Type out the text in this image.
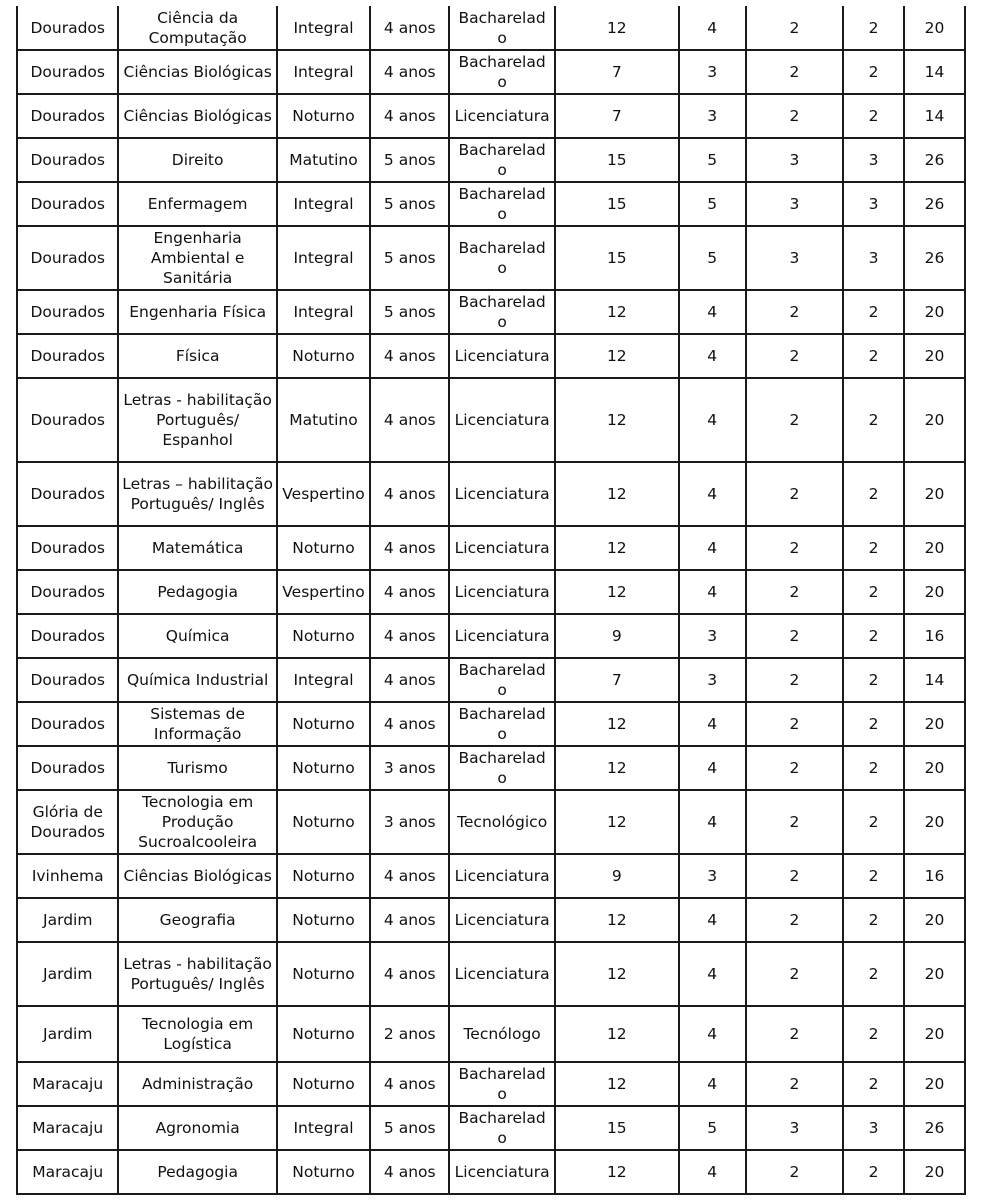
Dourados	Ciência da Computação	Integral	4 anos	Bacharelad o	12	4	2	2	20
Dourados	Ciências Biológicas	Integral	4 anos	Bacharelad o	7	3	2	2	14
Dourados	Ciências Biológicas	Noturno	4 anos	Licenciatura	7	3	2	2	14
Dourados	Direito	Matutino	5 anos	Bacharelad o	15	5	3	3	26
Dourados	Enfermagem	Integral	5 anos	Bacharelad o	15	5	3	3	26
Dourados	Engenharia Ambiental e Sanitária	Integral	5 anos	Bacharelad o	15	5	3	3	26
Dourados	Engenharia Física	Integral	5 anos	Bacharelad o	12	4	2	2	20
Dourados	Física	Noturno	4 anos	Licenciatura	12	4	2	2	20
Dourados	Letras - habilitação Português/ Espanhol	Matutino	4 anos	Licenciatura	12	4	2	2	20
Dourados	Letras – habilitação Português/ Inglês	Vespertino	4 anos	Licenciatura	12	4	2	2	20
Dourados	Matemática	Noturno	4 anos	Licenciatura	12	4	2	2	20
Dourados	Pedagogia	Vespertino	4 anos	Licenciatura	12	4	2	2	20
Dourados	Química	Noturno	4 anos	Licenciatura	9	3	2	2	16
Dourados	Química Industrial	Integral	4 anos	Bacharelad o	7	3	2	2	14
Dourados	Sistemas de Informação	Noturno	4 anos	Bacharelad o	12	4	2	2	20
Dourados	Turismo	Noturno	3 anos	Bacharelad o	12	4	2	2	20
Glória de Dourados	Tecnologia em Produção Sucroalcooleira	Noturno	3 anos	Tecnológico	12	4	2	2	20
Ivinhema	Ciências Biológicas	Noturno	4 anos	Licenciatura	9	3	2	2	16
Jardim	Geografia	Noturno	4 anos	Licenciatura	12	4	2	2	20
Jardim	Letras - habilitação Português/ Inglês	Noturno	4 anos	Licenciatura	12	4	2	2	20
Jardim	Tecnologia em Logística	Noturno	2 anos	Tecnólogo	12	4	2	2	20
Maracaju	Administração	Noturno	4 anos	Bacharelad o	12	4	2	2	20
Maracaju	Agronomia	Integral	5 anos	Bacharelad o	15	5	3	3	26
Maracaju	Pedagogia	Noturno	4 anos	Licenciatura	12	4	2	2	20
